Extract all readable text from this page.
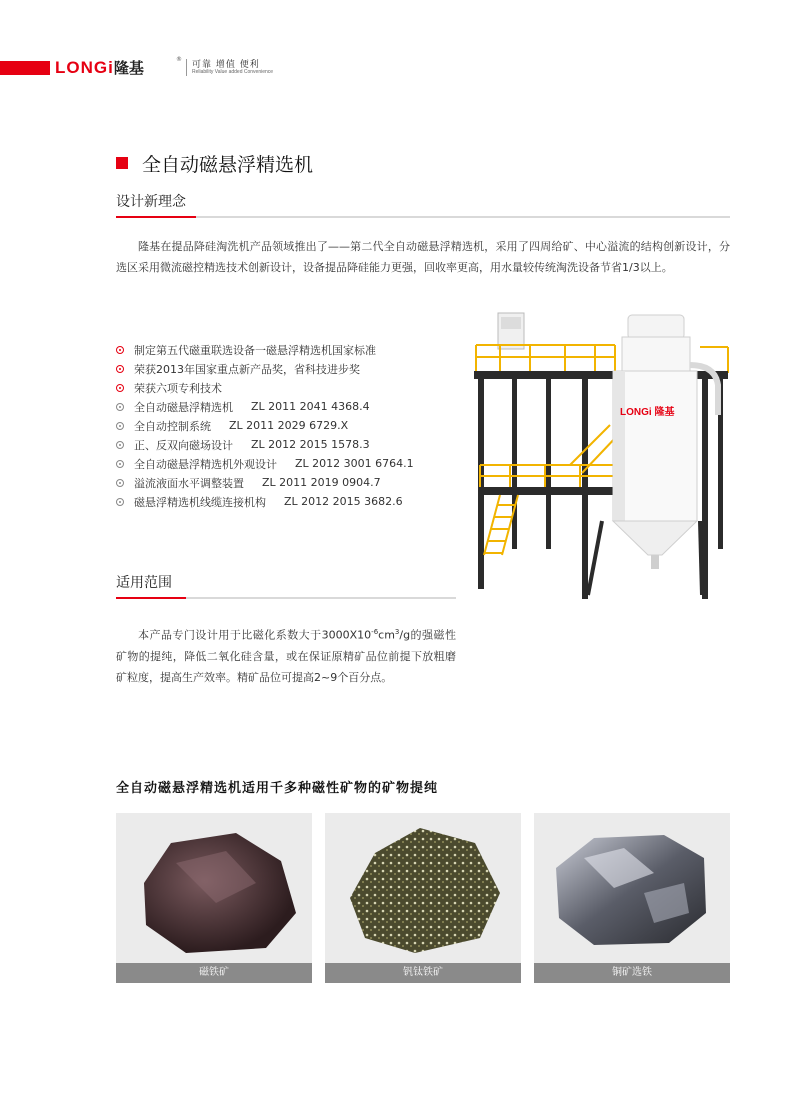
LONGi隆基	®
可靠 增值 便利
Reliability Value added Convenience
全自动磁悬浮精选机
设计新理念
隆基在提品降硅淘洗机产品领域推出了——第二代全自动磁悬浮精选机，采用了四周给矿、中心溢流的结构创新设计，分选区采用微流磁控精选技术创新设计，设备提品降硅能力更强，回收率更高，用水量较传统淘洗设备节省1/3以上。
制定第五代磁重联选设备一磁悬浮精选机国家标准
荣获2013年国家重点新产品奖，省科技进步奖
荣获六项专利技术
全自动磁悬浮精选机 ZL 2011 2041 4368.4
全自动控制系统 ZL 2011 2029 6729.X
正、反双向磁场设计 ZL 2012 2015 1578.3
全自动磁悬浮精选机外观设计 ZL 2012 3001 6764.1
溢流液面水平调整装置 ZL 2011 2019 0904.7
磁悬浮精选机线缆连接机构 ZL 2012 2015 3682.6
LONGi 隆基
适用范围
本产品专门设计用于比磁化系数大于$3000X10^{-6}cm^3/g$的强磁性矿物的提纯，降低二氧化硅含量，或在保证原精矿品位前提下放粗磨矿粒度，提高生产效率。精矿品位可提高2~9个百分点。
全自动磁悬浮精选机适用千多种磁性矿物的矿物提纯
磁铁矿	钒钛铁矿	铜矿选铁
